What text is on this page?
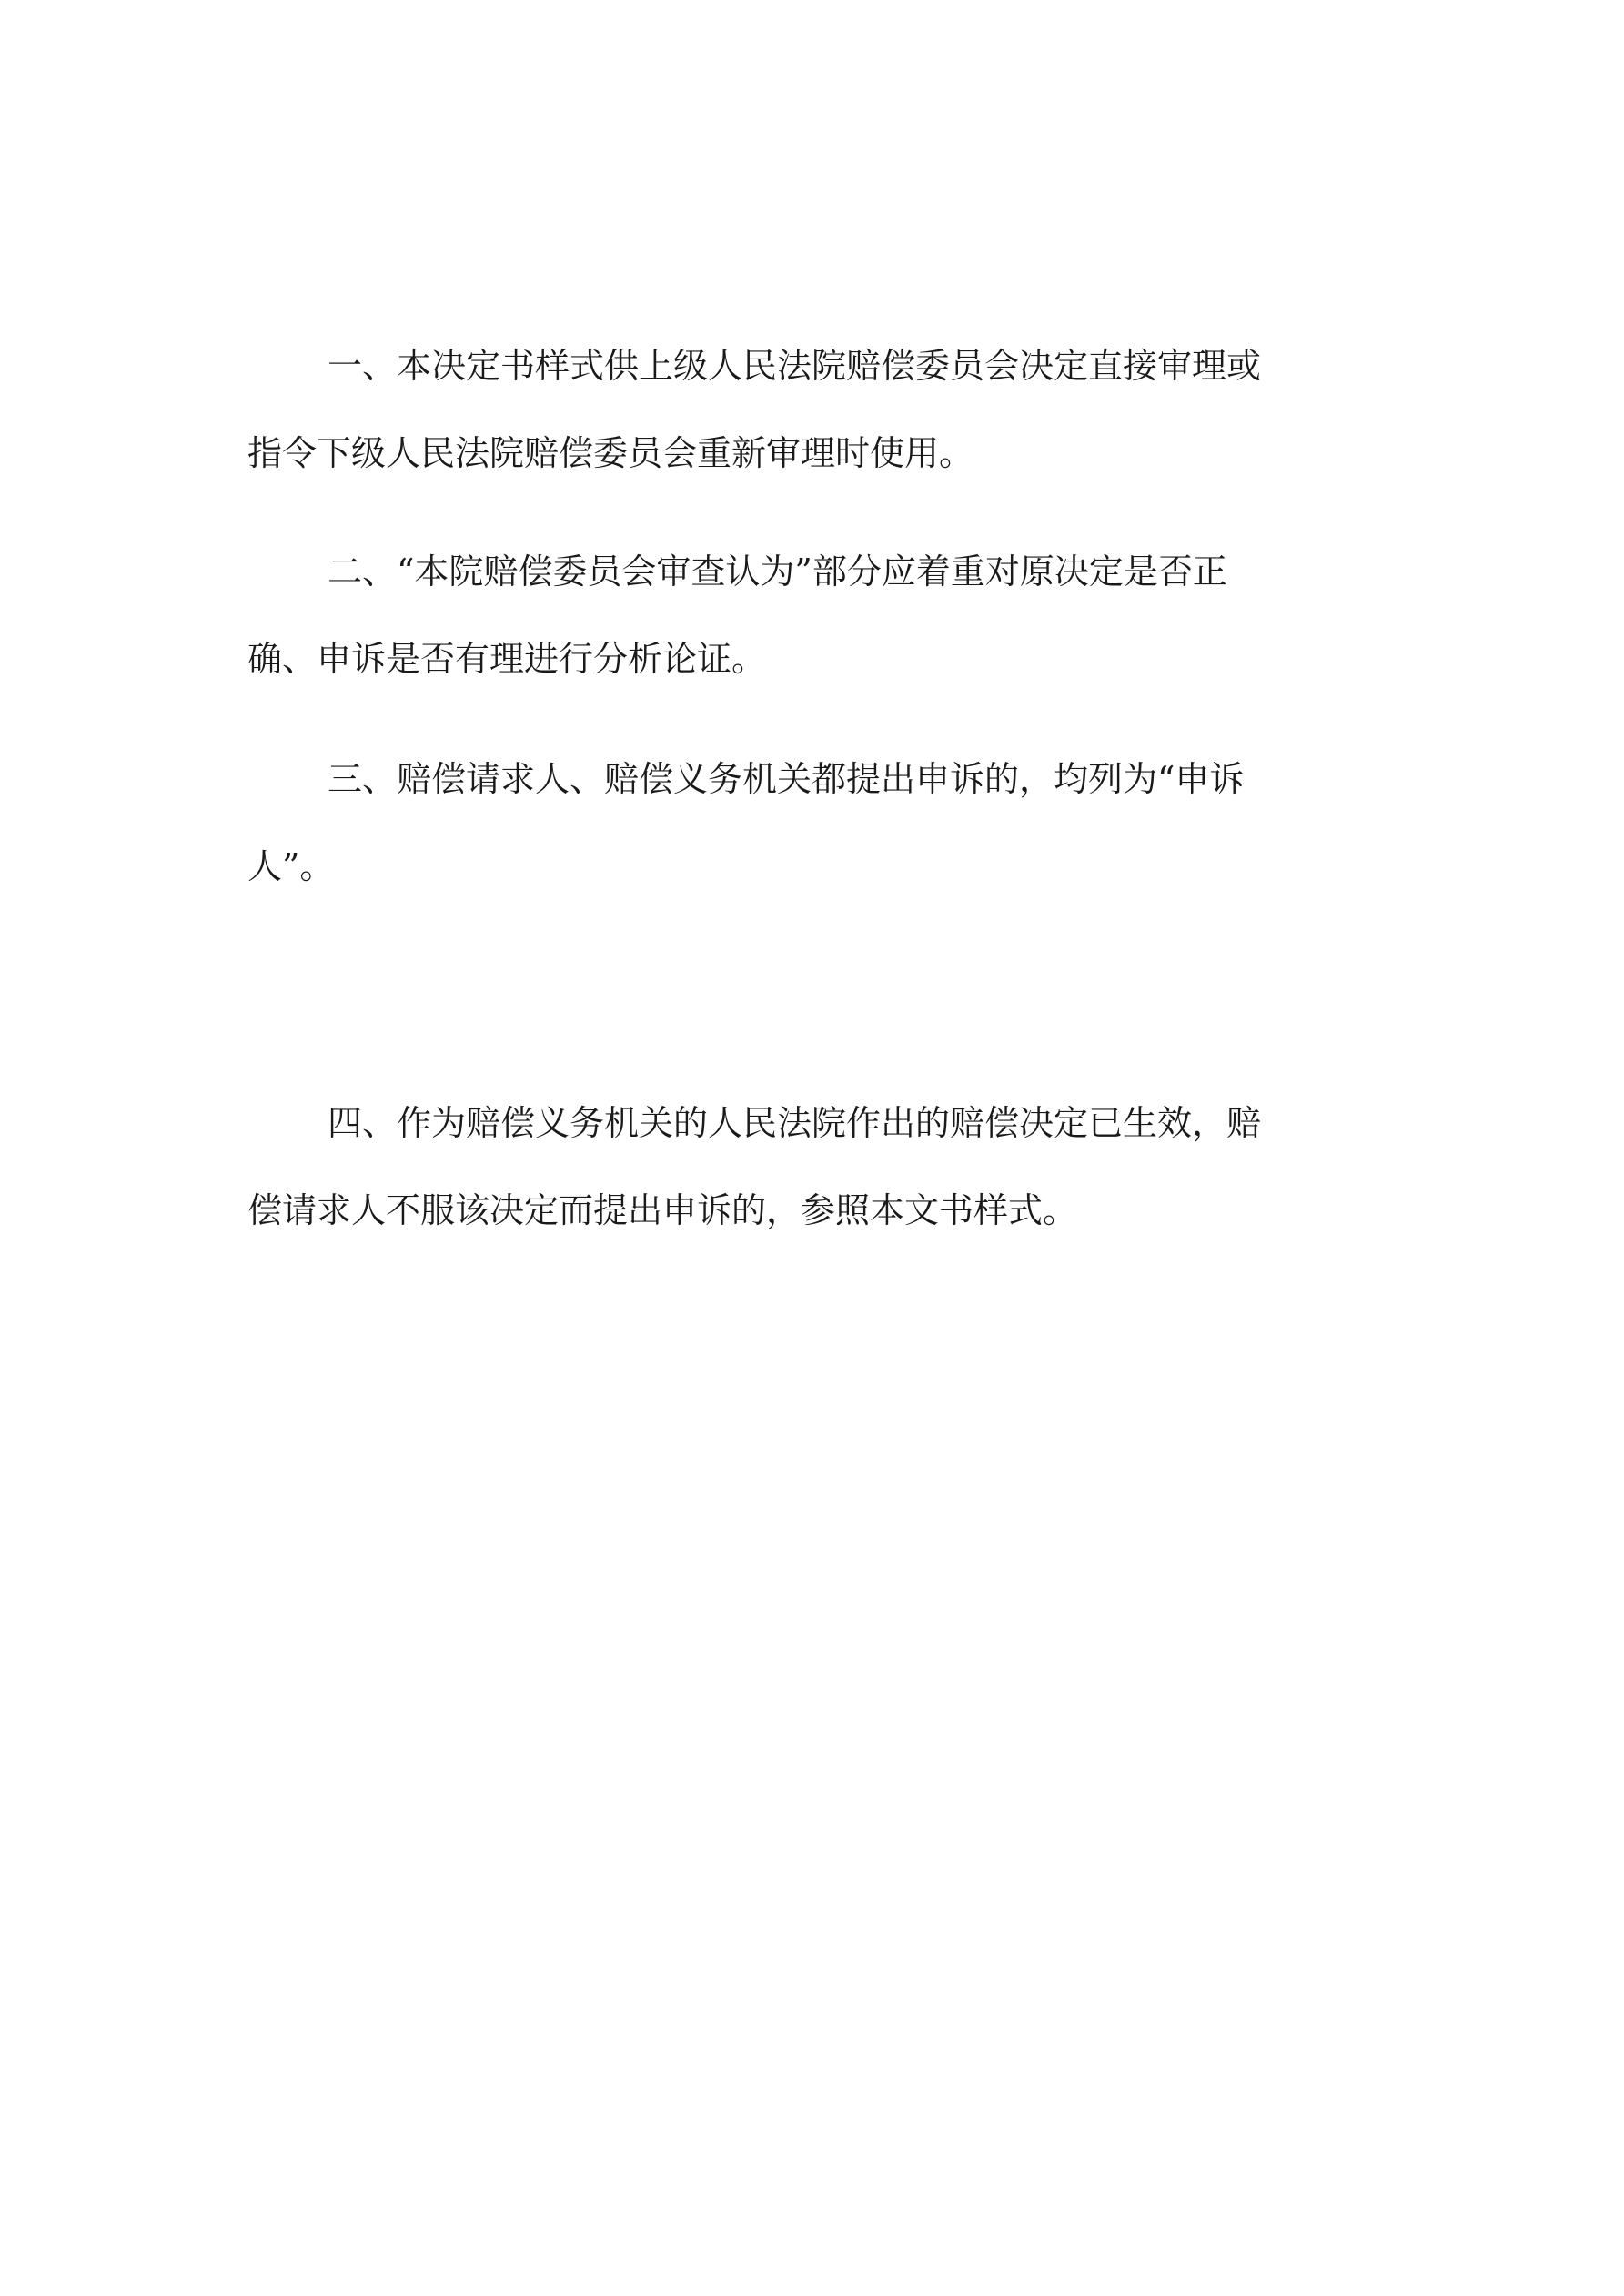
一、本决定书样式供上级人民法院赔偿委员会决定直接审理或
指令下级人民法院赔偿委员会重新审理时使用。
二、“本院赔偿委员会审查认为”部分应着重对原决定是否正
确、申诉是否有理进行分析论证。
三、赔偿请求人、赔偿义务机关都提出申诉的，均列为“申诉
人”。
四、作为赔偿义务机关的人民法院作出的赔偿决定已生效，赔
偿请求人不服该决定而提出申诉的，参照本文书样式。
